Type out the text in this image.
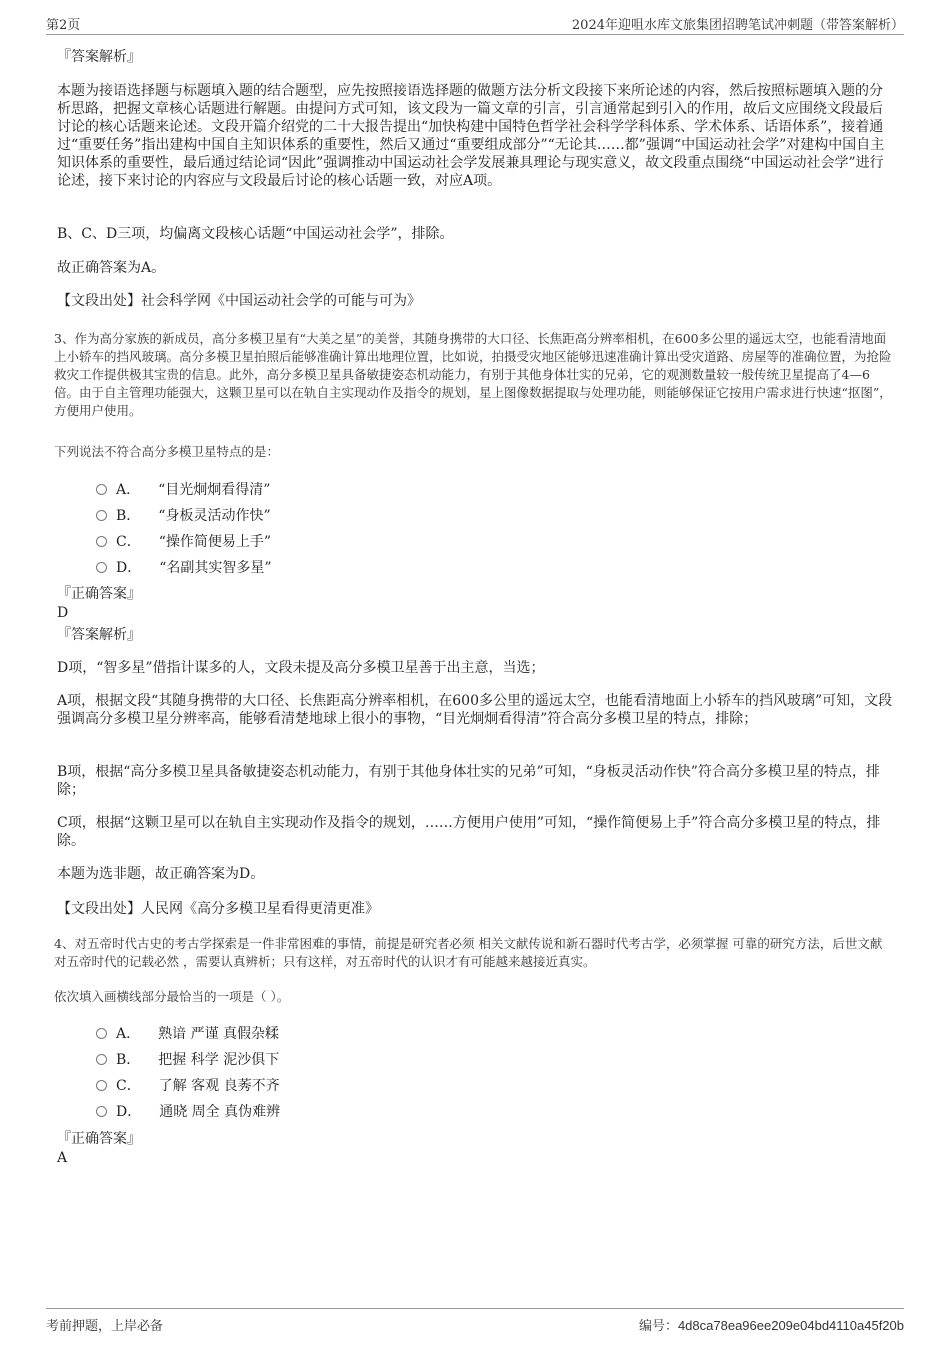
第2页	2024年迎咀水库文旅集团招聘笔试冲刺题（带答案解析）
『答案解析』
本题为接语选择题与标题填入题的结合题型，应先按照接语选择题的做题方法分析文段接下来所论述的内容，然后按照标题填入题的分析思路，把握文章核心话题进行解题。由提问方式可知，该文段为一篇文章的引言，引言通常起到引入的作用，故后文应围绕文段最后讨论的核心话题来论述。文段开篇介绍党的二十大报告提出“加快构建中国特色哲学社会科学学科体系、学术体系、话语体系”，接着通过“重要任务”指出建构中国自主知识体系的重要性，然后又通过“重要组成部分”“无论其……都”强调“中国运动社会学”对建构中国自主知识体系的重要性，最后通过结论词“因此”强调推动中国运动社会学发展兼具理论与现实意义，故文段重点围绕“中国运动社会学”进行论述，接下来讨论的内容应与文段最后讨论的核心话题一致，对应A项。
B、C、D三项，均偏离文段核心话题“中国运动社会学”，排除。
故正确答案为A。
【文段出处】社会科学网《中国运动社会学的可能与可为》
3、作为高分家族的新成员，高分多模卫星有“大美之星”的美誉，其随身携带的大口径、长焦距高分辨率相机，在600多公里的遥远太空，也能看清地面上小轿车的挡风玻璃。高分多模卫星拍照后能够准确计算出地理位置，比如说，拍摄受灾地区能够迅速准确计算出受灾道路、房屋等的准确位置，为抢险救灾工作提供极其宝贵的信息。此外，高分多模卫星具备敏捷姿态机动能力，有别于其他身体壮实的兄弟，它的观测数量较一般传统卫星提高了4—6倍。由于自主管理功能强大，这颗卫星可以在轨自主实现动作及指令的规划，星上图像数据提取与处理功能，则能够保证它按用户需求进行快速“抠图”，方便用户使用。
下列说法不符合高分多模卫星特点的是：
A． “目光炯炯看得清”
B． “身板灵活动作快”
C． “操作简便易上手”
D． “名副其实智多星”
『正确答案』
D
『答案解析』
D项，“智多星”借指计谋多的人，文段未提及高分多模卫星善于出主意，当选；
A项，根据文段“其随身携带的大口径、长焦距高分辨率相机，在600多公里的遥远太空，也能看清地面上小轿车的挡风玻璃”可知，文段强调高分多模卫星分辨率高，能够看清楚地球上很小的事物，“目光炯炯看得清”符合高分多模卫星的特点，排除；
B项，根据“高分多模卫星具备敏捷姿态机动能力，有别于其他身体壮实的兄弟”可知，“身板灵活动作快”符合高分多模卫星的特点，排除；
C项，根据“这颗卫星可以在轨自主实现动作及指令的规划，……方便用户使用”可知，“操作简便易上手”符合高分多模卫星的特点，排除。
本题为选非题，故正确答案为D。
【文段出处】人民网《高分多模卫星看得更清更准》
4、对五帝时代古史的考古学探索是一件非常困难的事情，前提是研究者必须 相关文献传说和新石器时代考古学，必须掌握 可靠的研究方法，后世文献对五帝时代的记载必然 ，需要认真辨析；只有这样，对五帝时代的认识才有可能越来越接近真实。
依次填入画横线部分最恰当的一项是（ ）。
A． 熟谙 严谨 真假杂糅
B． 把握 科学 泥沙俱下
C． 了解 客观 良莠不齐
D． 通晓 周全 真伪难辨
『正确答案』
A
考前押题，上岸必备	编号：4d8ca78ea96ee209e04bd4110a45f20b
